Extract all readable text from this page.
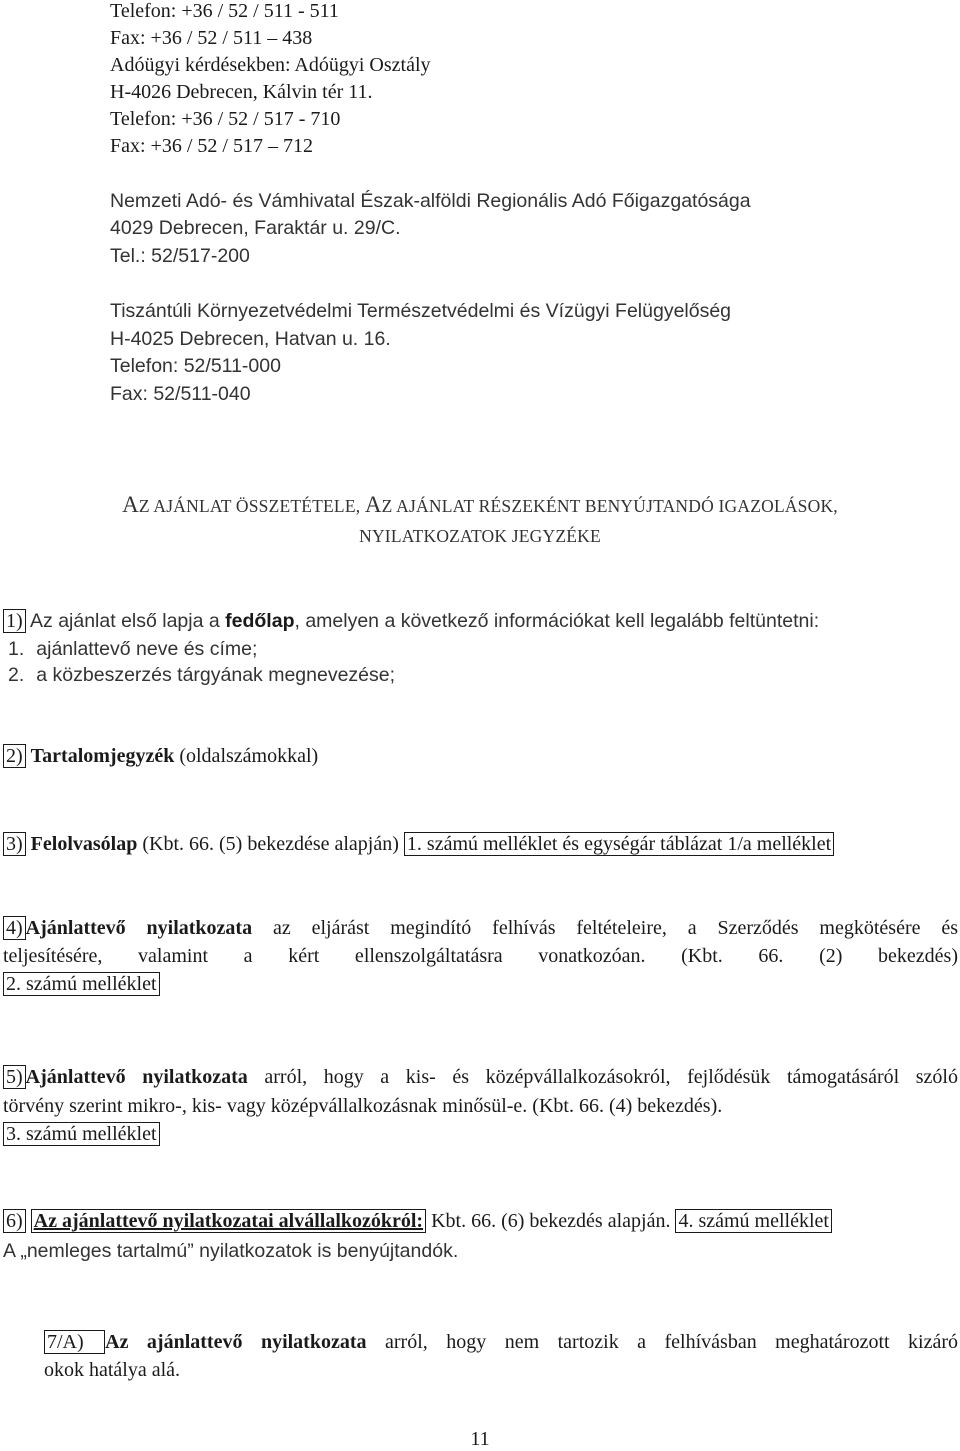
Telefon: +36 / 52 / 511 - 511
Fax: +36 / 52 / 511 – 438
Adóügyi kérdésekben: Adóügyi Osztály
H-4026 Debrecen, Kálvin tér 11.
Telefon: +36 / 52 / 517 - 710
Fax: +36 / 52 / 517 – 712
Nemzeti Adó- és Vámhivatal Észak-alföldi Regionális Adó Főigazgatósága
4029 Debrecen, Faraktár u. 29/C.
Tel.: 52/517-200
Tiszántúli Környezetvédelmi Természetvédelmi és Vízügyi Felügyelőség
H-4025 Debrecen, Hatvan u. 16.
Telefon: 52/511-000
Fax: 52/511-040
AZ AJÁNLAT ÖSSZETÉTELE, AZ AJÁNLAT RÉSZEKÉNT BENYÚJTANDÓ IGAZOLÁSOK,
NYILATKOZATOK JEGYZÉKE
1) Az ajánlat első lapja a fedőlap, amelyen a következő információkat kell legalább feltüntetni:
1. ajánlattevő neve és címe;
2. a közbeszerzés tárgyának megnevezése;
2) Tartalomjegyzék (oldalszámokkal)
3) Felolvasólap (Kbt. 66. (5) bekezdése alapján) 1. számú melléklet és egységár táblázat 1/a melléklet
4) Ajánlattevő nyilatkozata az eljárást megindító felhívás feltételeire, a Szerződés megkötésére és
teljesítésére, valamint a kért ellenszolgáltatásra vonatkozóan. (Kbt. 66. (2) bekezdés)
2. számú melléklet
5) Ajánlattevő nyilatkozata arról, hogy a kis- és középvállalkozásokról, fejlődésük támogatásáról szóló
törvény szerint mikro-, kis- vagy középvállalkozásnak minősül-e. (Kbt. 66. (4) bekezdés).
3. számú melléklet
6) Az ajánlattevő nyilatkozatai alvállalkozókról: Kbt. 66. (6) bekezdés alapján. 4. számú melléklet
A „nemleges tartalmú” nyilatkozatok is benyújtandók.
7/A) Az ajánlattevő nyilatkozata arról, hogy nem tartozik a felhívásban meghatározott kizáró
okok hatálya alá.
11
